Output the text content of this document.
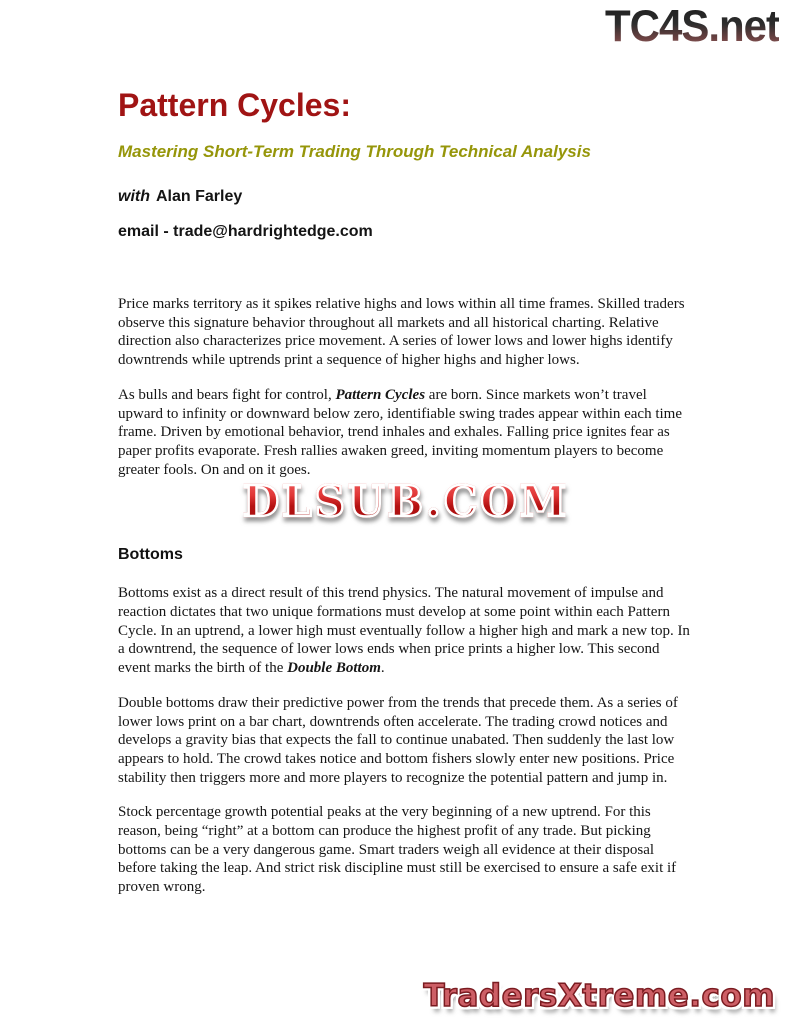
TC4S.net
Pattern Cycles:
Mastering Short-Term Trading Through Technical Analysis

with Alan Farley

email - trade@hardrightedge.com

Price marks territory as it spikes relative highs and lows within all time frames. Skilled traders observe this signature behavior throughout all markets and all historical charting. Relative direction also characterizes price movement. A series of lower lows and lower highs identify downtrends while uptrends print a sequence of higher highs and higher lows.

As bulls and bears fight for control, Pattern Cycles are born. Since markets won’t travel upward to infinity or downward below zero, identifiable swing trades appear within each time frame. Driven by emotional behavior, trend inhales and exhales. Falling price ignites fear as paper profits evaporate. Fresh rallies awaken greed, inviting momentum players to become greater fools. On and on it goes.

DLSUB.COM
Bottoms

Bottoms exist as a direct result of this trend physics. The natural movement of impulse and reaction dictates that two unique formations must develop at some point within each Pattern Cycle. In an uptrend, a lower high must eventually follow a higher high and mark a new top. In a downtrend, the sequence of lower lows ends when price prints a higher low. This second event marks the birth of the Double Bottom.

Double bottoms draw their predictive power from the trends that precede them. As a series of lower lows print on a bar chart, downtrends often accelerate. The trading crowd notices and develops a gravity bias that expects the fall to continue unabated. Then suddenly the last low appears to hold. The crowd takes notice and bottom fishers slowly enter new positions. Price stability then triggers more and more players to recognize the potential pattern and jump in.

Stock percentage growth potential peaks at the very beginning of a new uptrend. For this reason, being “right” at a bottom can produce the highest profit of any trade. But picking bottoms can be a very dangerous game. Smart traders weigh all evidence at their disposal before taking the leap. And strict risk discipline must still be exercised to ensure a safe exit if proven wrong.

TradersXtreme.com
